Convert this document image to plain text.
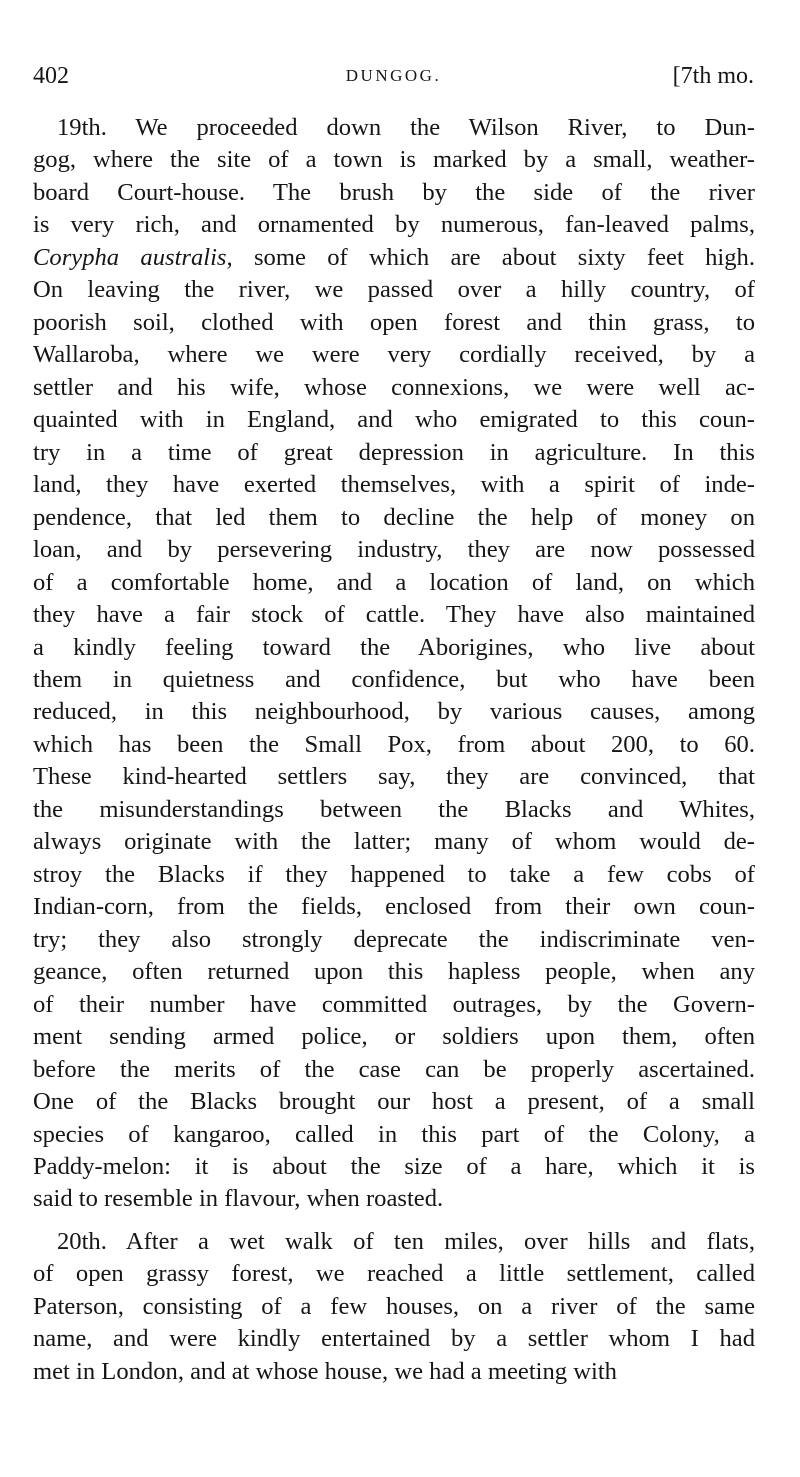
402	DUNGOG.	[7th mo.
19th. We proceeded down the Wilson River, to Dun-
gog, where the site of a town is marked by a small, weather-
board Court-house. The brush by the side of the river
is very rich, and ornamented by numerous, fan-leaved palms,
Corypha australis, some of which are about sixty feet high.
On leaving the river, we passed over a hilly country, of
poorish soil, clothed with open forest and thin grass, to
Wallaroba, where we were very cordially received, by a
settler and his wife, whose connexions, we were well ac-
quainted with in England, and who emigrated to this coun-
try in a time of great depression in agriculture. In this
land, they have exerted themselves, with a spirit of inde-
pendence, that led them to decline the help of money on
loan, and by persevering industry, they are now possessed
of a comfortable home, and a location of land, on which
they have a fair stock of cattle. They have also maintained
a kindly feeling toward the Aborigines, who live about
them in quietness and confidence, but who have been
reduced, in this neighbourhood, by various causes, among
which has been the Small Pox, from about 200, to 60.
These kind-hearted settlers say, they are convinced, that
the misunderstandings between the Blacks and Whites,
always originate with the latter; many of whom would de-
stroy the Blacks if they happened to take a few cobs of
Indian-corn, from the fields, enclosed from their own coun-
try; they also strongly deprecate the indiscriminate ven-
geance, often returned upon this hapless people, when any
of their number have committed outrages, by the Govern-
ment sending armed police, or soldiers upon them, often
before the merits of the case can be properly ascertained.
One of the Blacks brought our host a present, of a small
species of kangaroo, called in this part of the Colony, a
Paddy-melon: it is about the size of a hare, which it is
said to resemble in flavour, when roasted.
20th. After a wet walk of ten miles, over hills and flats,
of open grassy forest, we reached a little settlement, called
Paterson, consisting of a few houses, on a river of the same
name, and were kindly entertained by a settler whom I had
met in London, and at whose house, we had a meeting with
